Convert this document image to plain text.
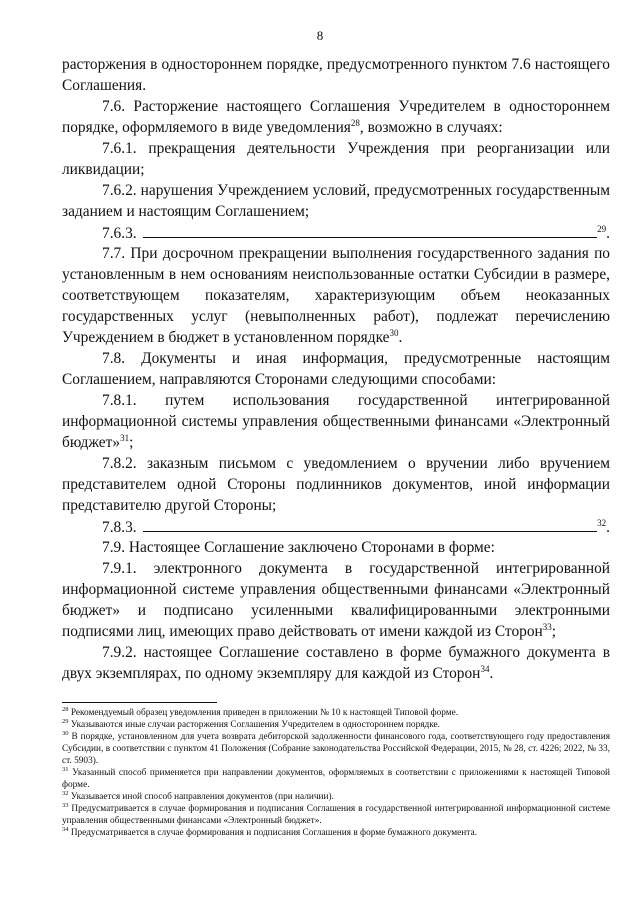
8

расторжения в одностороннем порядке, предусмотренного пунктом 7.6 настоящего Соглашения.

7.6. Расторжение настоящего Соглашения Учредителем в одностороннем порядке, оформляемого в виде уведомления$^{28}$, возможно в случаях:

7.6.1. прекращения деятельности Учреждения при реорганизации или ликвидации;

7.6.2. нарушения Учреждением условий, предусмотренных государственным заданием и настоящим Соглашением;

7.6.3.	$^{29}$.

7.7. При досрочном прекращении выполнения государственного задания по установленным в нем основаниям неиспользованные остатки Субсидии в размере, соответствующем показателям, характеризующим объем неоказанных государственных услуг (невыполненных работ), подлежат перечислению Учреждением в бюджет в установленном порядке$^{30}$.

7.8. Документы и иная информация, предусмотренные настоящим Соглашением, направляются Сторонами следующими способами:

7.8.1. путем использования государственной интегрированной информационной системы управления общественными финансами «Электронный бюджет»$^{31}$;

7.8.2. заказным письмом с уведомлением о вручении либо вручением представителем одной Стороны подлинников документов, иной информации представителю другой Стороны;

7.8.3.	$^{32}$.

7.9. Настоящее Соглашение заключено Сторонами в форме:

7.9.1. электронного документа в государственной интегрированной информационной системе управления общественными финансами «Электронный бюджет» и подписано усиленными квалифицированными электронными подписями лиц, имеющих право действовать от имени каждой из Сторон$^{33}$;

7.9.2. настоящее Соглашение составлено в форме бумажного документа в двух экземплярах, по одному экземпляру для каждой из Сторон$^{34}$.

$^{28}$ Рекомендуемый образец уведомления приведен в приложении № 10 к настоящей Типовой форме.

$^{29}$ Указываются иные случаи расторжения Соглашения Учредителем в одностороннем порядке.

$^{30}$ В порядке, установленном для учета возврата дебиторской задолженности финансового года, соответствующего году предоставления Субсидии, в соответствии с пунктом 41 Положения (Собрание законодательства Российской Федерации, 2015, № 28, ст. 4226; 2022, № 33, ст. 5903).

$^{31}$ Указанный способ применяется при направлении документов, оформляемых в соответствии с приложениями к настоящей Типовой форме.

$^{32}$ Указывается иной способ направления документов (при наличии).

$^{33}$ Предусматривается в случае формирования и подписания Соглашения в государственной интегрированной информационной системе управления общественными финансами «Электронный бюджет».

$^{34}$ Предусматривается в случае формирования и подписания Соглашения в форме бумажного документа.
